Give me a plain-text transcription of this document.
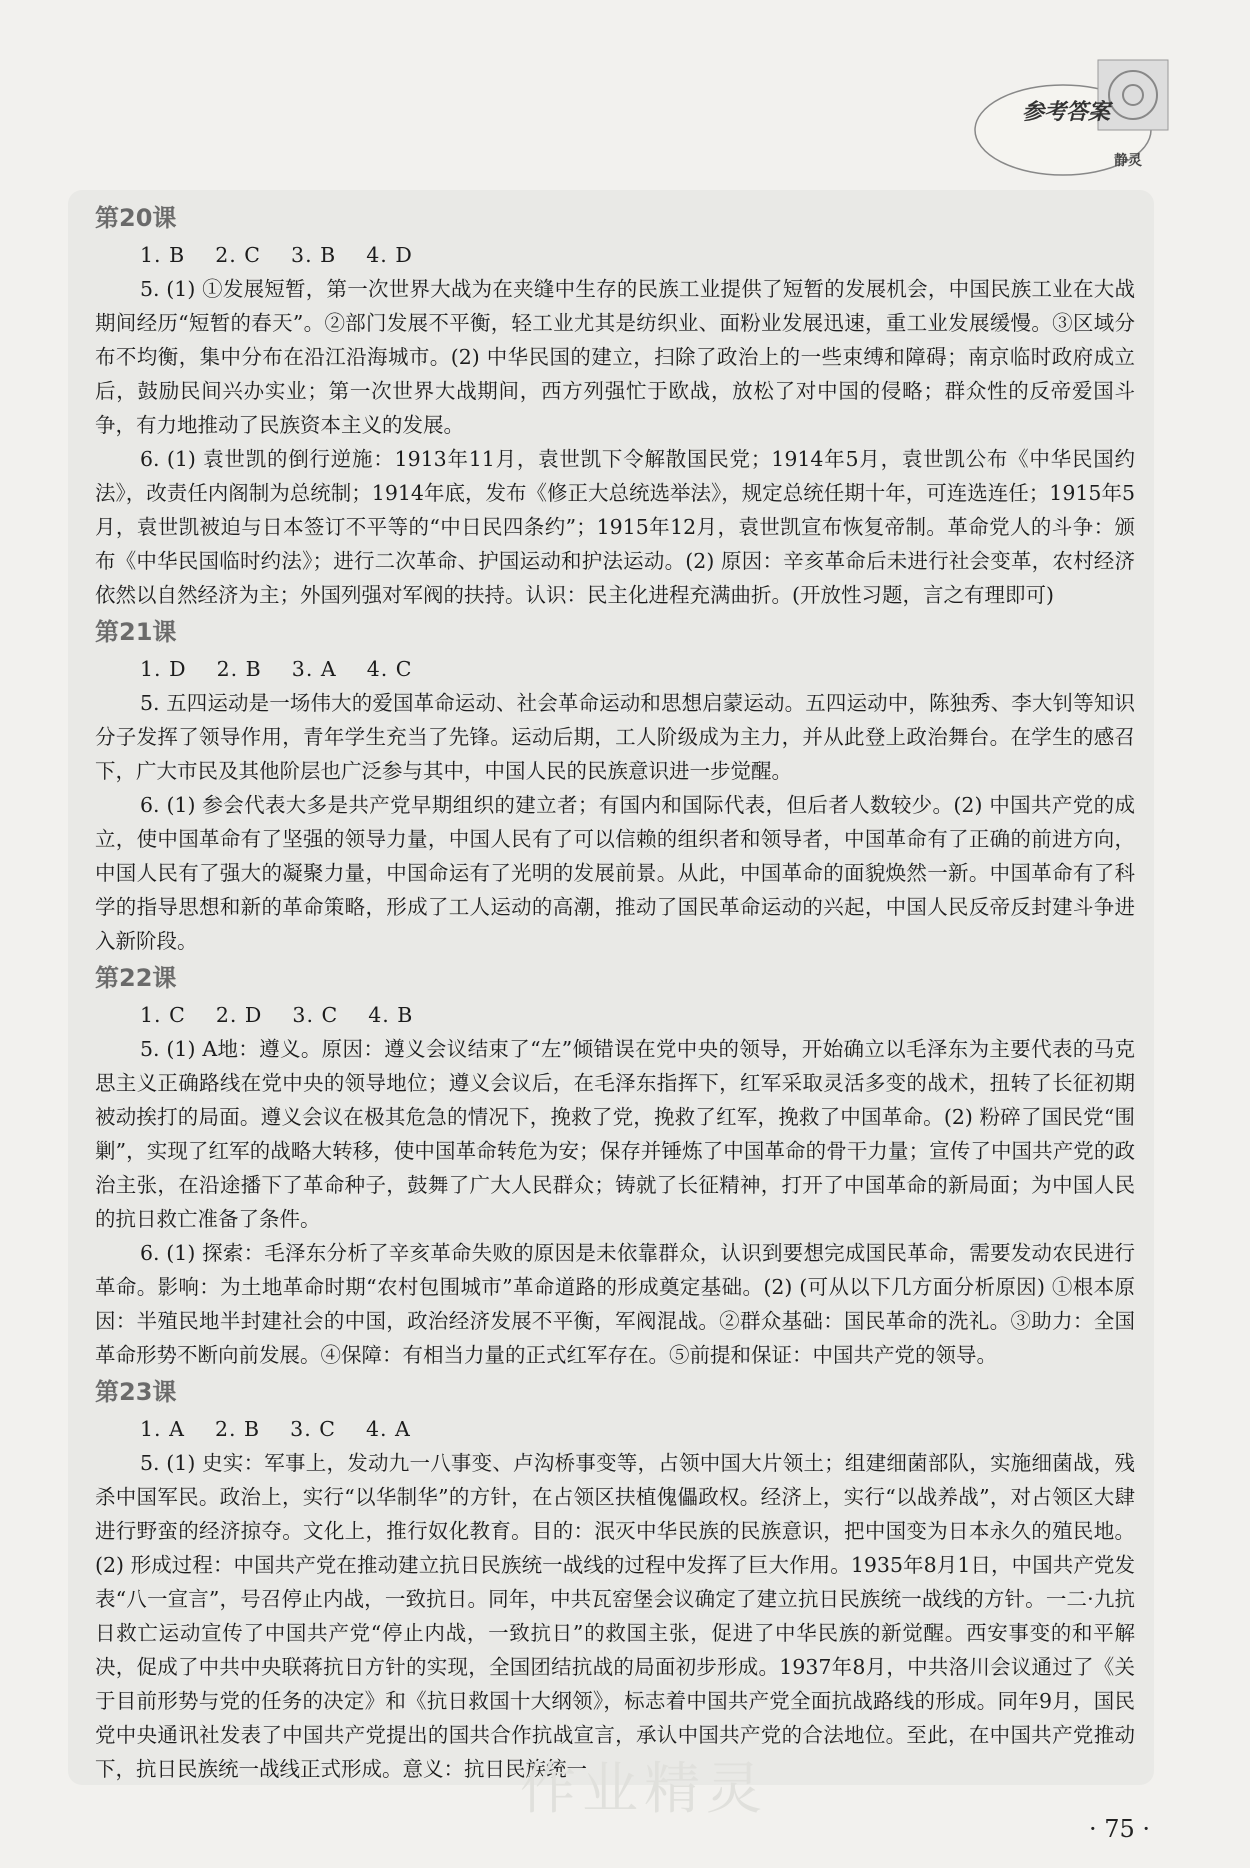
参考答案
静灵
第20课
1. B    2. C    3. B    4. D

5. (1) ①发展短暂，第一次世界大战为在夹缝中生存的民族工业提供了短暂的发展机会，中国民族工业在大战期间经历“短暂的春天”。②部门发展不平衡，轻工业尤其是纺织业、面粉业发展迅速，重工业发展缓慢。③区域分布不均衡，集中分布在沿江沿海城市。(2) 中华民国的建立，扫除了政治上的一些束缚和障碍；南京临时政府成立后，鼓励民间兴办实业；第一次世界大战期间，西方列强忙于欧战，放松了对中国的侵略；群众性的反帝爱国斗争，有力地推动了民族资本主义的发展。

6. (1) 袁世凯的倒行逆施：1913年11月，袁世凯下令解散国民党；1914年5月，袁世凯公布《中华民国约法》，改责任内阁制为总统制；1914年底，发布《修正大总统选举法》，规定总统任期十年，可连选连任；1915年5月，袁世凯被迫与日本签订不平等的“中日民四条约”；1915年12月，袁世凯宣布恢复帝制。革命党人的斗争：颁布《中华民国临时约法》；进行二次革命、护国运动和护法运动。(2) 原因：辛亥革命后未进行社会变革，农村经济依然以自然经济为主；外国列强对军阀的扶持。认识：民主化进程充满曲折。(开放性习题，言之有理即可)

第21课
1. D    2. B    3. A    4. C

5. 五四运动是一场伟大的爱国革命运动、社会革命运动和思想启蒙运动。五四运动中，陈独秀、李大钊等知识分子发挥了领导作用，青年学生充当了先锋。运动后期，工人阶级成为主力，并从此登上政治舞台。在学生的感召下，广大市民及其他阶层也广泛参与其中，中国人民的民族意识进一步觉醒。

6. (1) 参会代表大多是共产党早期组织的建立者；有国内和国际代表，但后者人数较少。(2) 中国共产党的成立，使中国革命有了坚强的领导力量，中国人民有了可以信赖的组织者和领导者，中国革命有了正确的前进方向，中国人民有了强大的凝聚力量，中国命运有了光明的发展前景。从此，中国革命的面貌焕然一新。中国革命有了科学的指导思想和新的革命策略，形成了工人运动的高潮，推动了国民革命运动的兴起，中国人民反帝反封建斗争进入新阶段。

第22课
1. C    2. D    3. C    4. B

5. (1) A地：遵义。原因：遵义会议结束了“左”倾错误在党中央的领导，开始确立以毛泽东为主要代表的马克思主义正确路线在党中央的领导地位；遵义会议后，在毛泽东指挥下，红军采取灵活多变的战术，扭转了长征初期被动挨打的局面。遵义会议在极其危急的情况下，挽救了党，挽救了红军，挽救了中国革命。(2) 粉碎了国民党“围剿”，实现了红军的战略大转移，使中国革命转危为安；保存并锤炼了中国革命的骨干力量；宣传了中国共产党的政治主张，在沿途播下了革命种子，鼓舞了广大人民群众；铸就了长征精神，打开了中国革命的新局面；为中国人民的抗日救亡准备了条件。

6. (1) 探索：毛泽东分析了辛亥革命失败的原因是未依靠群众，认识到要想完成国民革命，需要发动农民进行革命。影响：为土地革命时期“农村包围城市”革命道路的形成奠定基础。(2) (可从以下几方面分析原因) ①根本原因：半殖民地半封建社会的中国，政治经济发展不平衡，军阀混战。②群众基础：国民革命的洗礼。③助力：全国革命形势不断向前发展。④保障：有相当力量的正式红军存在。⑤前提和保证：中国共产党的领导。

第23课
1. A    2. B    3. C    4. A

5. (1) 史实：军事上，发动九一八事变、卢沟桥事变等，占领中国大片领土；组建细菌部队，实施细菌战，残杀中国军民。政治上，实行“以华制华”的方针，在占领区扶植傀儡政权。经济上，实行“以战养战”，对占领区大肆进行野蛮的经济掠夺。文化上，推行奴化教育。目的：泯灭中华民族的民族意识，把中国变为日本永久的殖民地。(2) 形成过程：中国共产党在推动建立抗日民族统一战线的过程中发挥了巨大作用。1935年8月1日，中国共产党发表“八一宣言”，号召停止内战，一致抗日。同年，中共瓦窑堡会议确定了建立抗日民族统一战线的方针。一二·九抗日救亡运动宣传了中国共产党“停止内战，一致抗日”的救国主张，促进了中华民族的新觉醒。西安事变的和平解决，促成了中共中央联蒋抗日方针的实现，全国团结抗战的局面初步形成。1937年8月，中共洛川会议通过了《关于目前形势与党的任务的决定》和《抗日救国十大纲领》，标志着中国共产党全面抗战路线的形成。同年9月，国民党中央通讯社发表了中国共产党提出的国共合作抗战宣言，承认中国共产党的合法地位。至此，在中国共产党推动下，抗日民族统一战线正式形成。意义：抗日民族统一

作业精灵
· 75 ·
